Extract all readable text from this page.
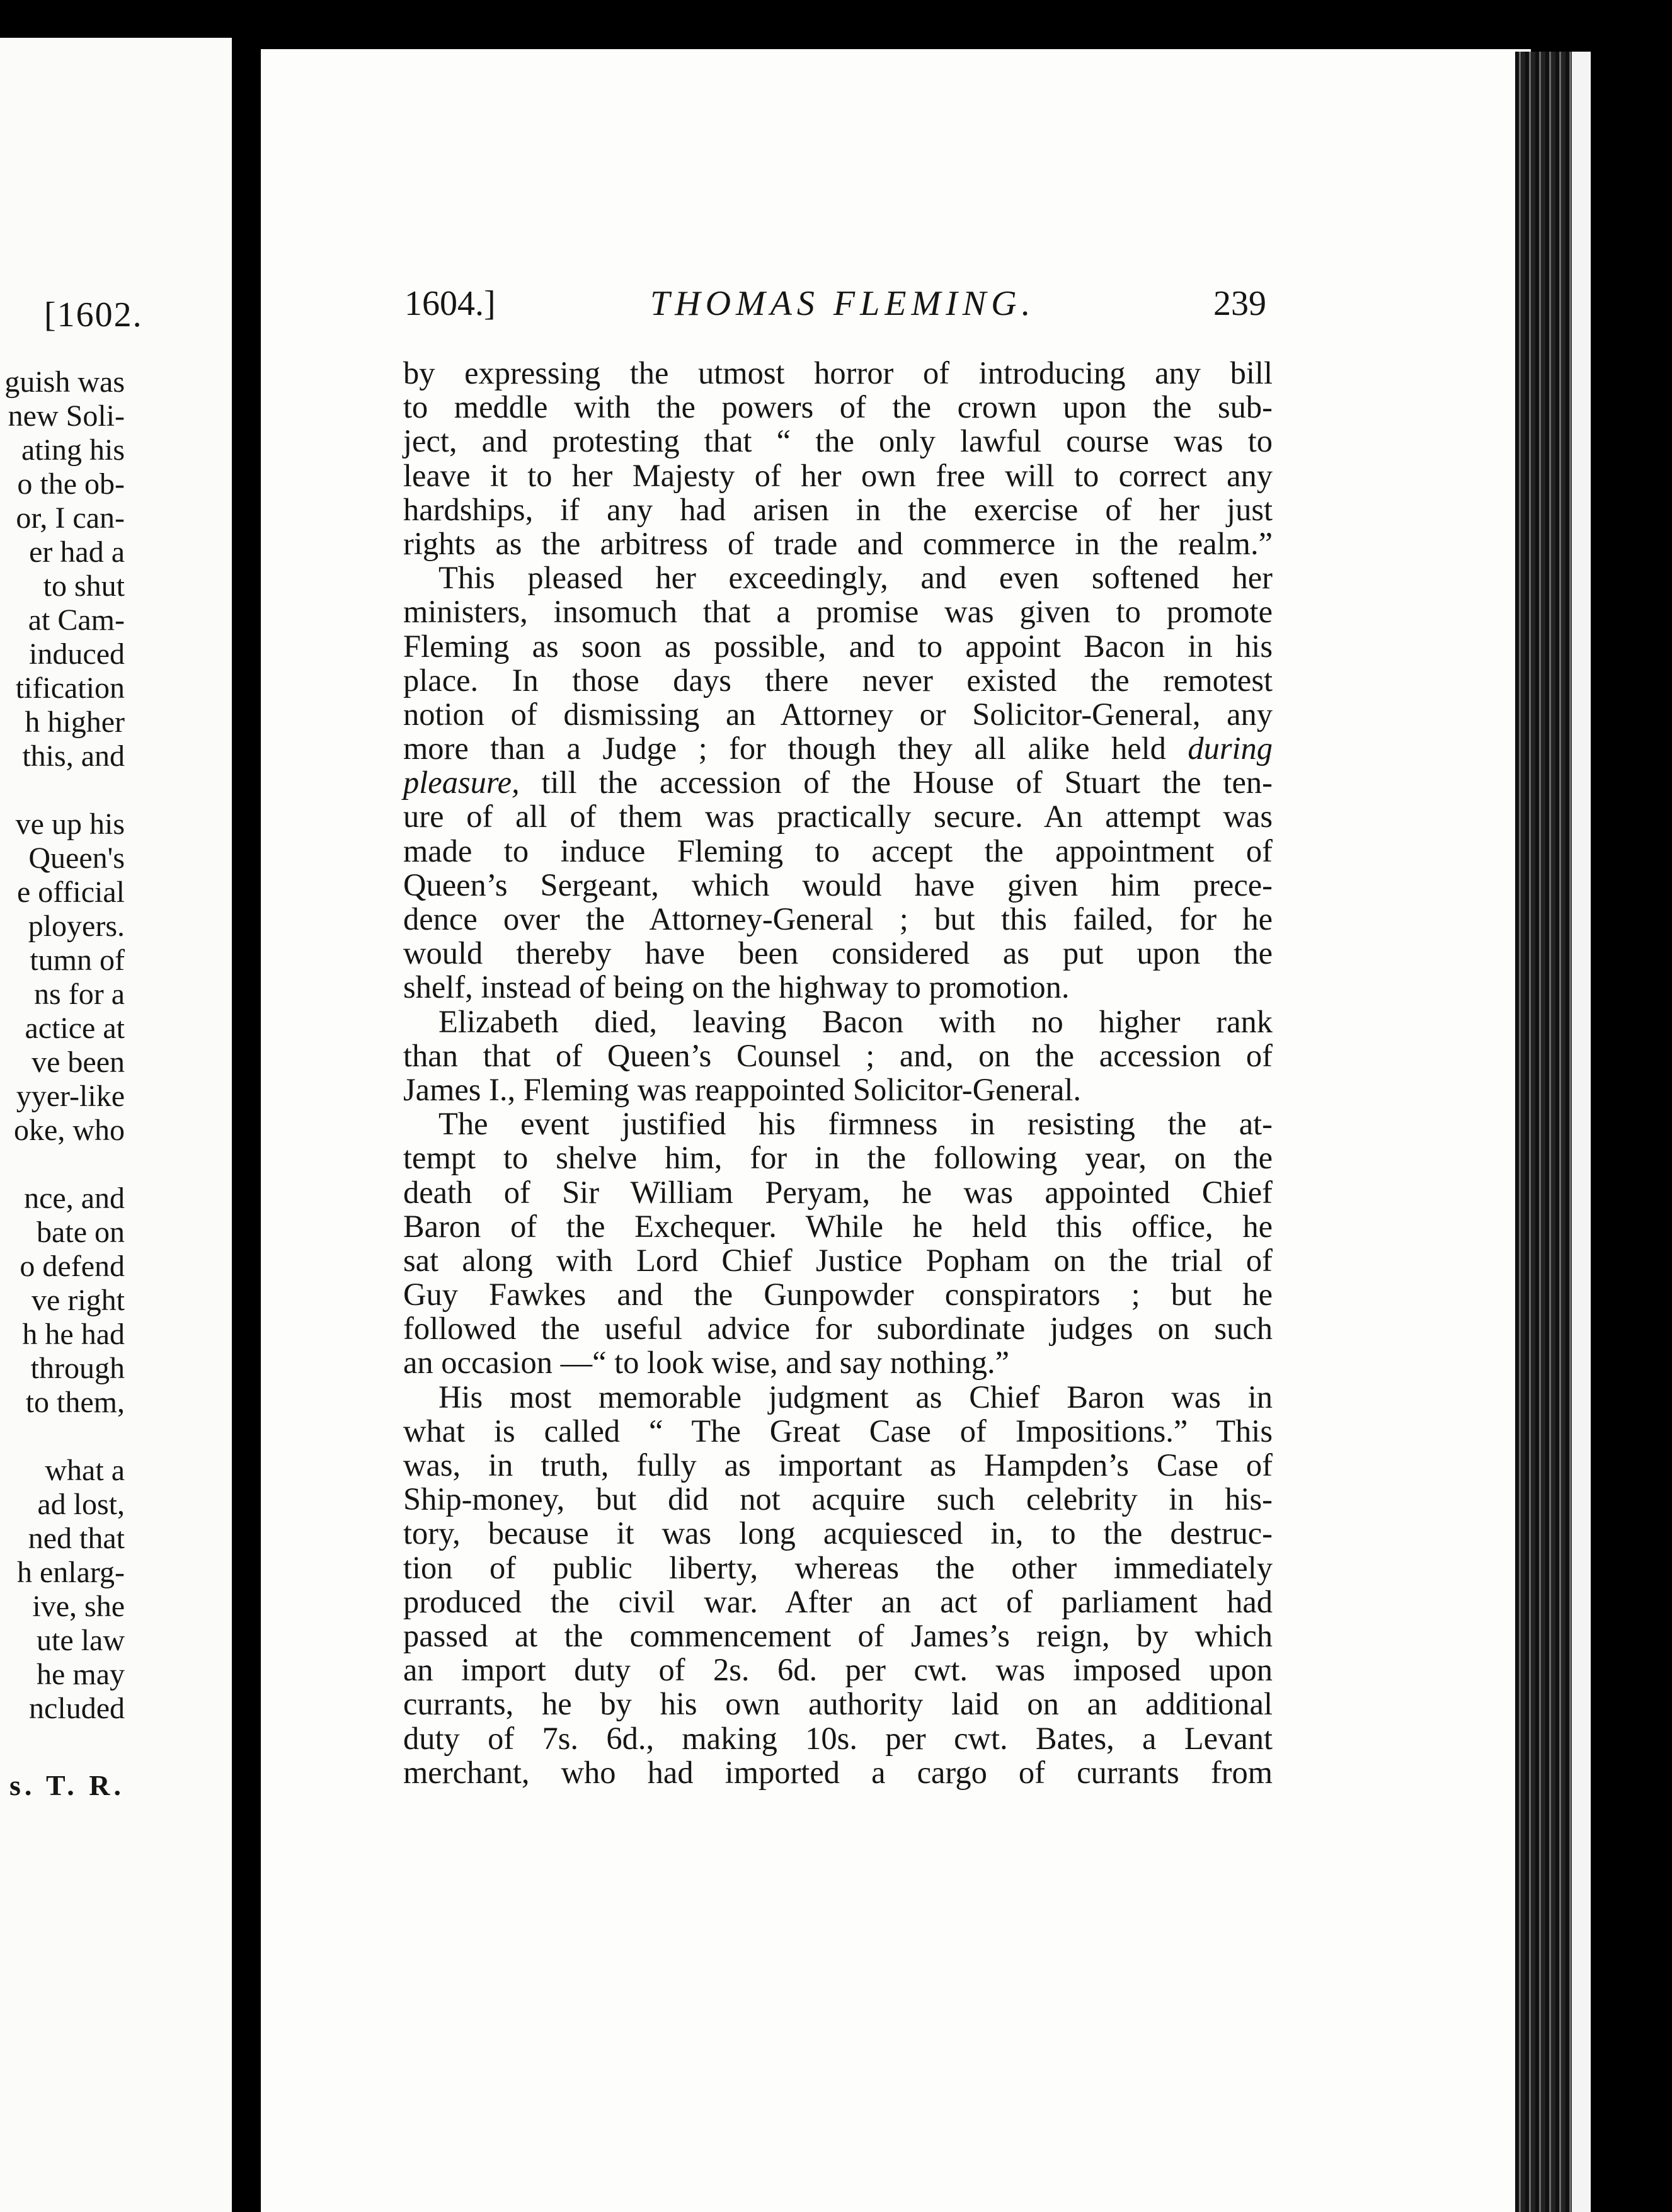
[1602.
guish was
new Soli-
ating his
o the ob-
or, I can-
er had a
to shut
at Cam-
induced
tification
h higher
this, and

ve up his
Queen's
e official
ployers.
tumn of
ns for a
actice at
ve been
yyer-like
oke, who

nce, and
bate on
o defend
ve right
h he had
through
to them,

what a
ad lost,
ned that
h enlarg-
ive, she
ute law
he may
ncluded
s. T. R.
1604.]	THOMAS FLEMING.	239
by expressing the utmost horror of introducing any bill
to meddle with the powers of the crown upon the sub-
ject, and protesting that “ the only lawful course was to
leave it to her Majesty of her own free will to correct any
hardships, if any had arisen in the exercise of her just
rights as the arbitress of trade and commerce in the realm.”
This pleased her exceedingly, and even softened her
ministers, insomuch that a promise was given to promote
Fleming as soon as possible, and to appoint Bacon in his
place. In those days there never existed the remotest
notion of dismissing an Attorney or Solicitor-General, any
more than a Judge ; for though they all alike held during
pleasure, till the accession of the House of Stuart the ten-
ure of all of them was practically secure. An attempt was
made to induce Fleming to accept the appointment of
Queen’s Sergeant, which would have given him prece-
dence over the Attorney-General ; but this failed, for he
would thereby have been considered as put upon the
shelf, instead of being on the highway to promotion.
Elizabeth died, leaving Bacon with no higher rank
than that of Queen’s Counsel ; and, on the accession of
James I., Fleming was reappointed Solicitor-General.
The event justified his firmness in resisting the at-
tempt to shelve him, for in the following year, on the
death of Sir William Peryam, he was appointed Chief
Baron of the Exchequer. While he held this office, he
sat along with Lord Chief Justice Popham on the trial of
Guy Fawkes and the Gunpowder conspirators ; but he
followed the useful advice for subordinate judges on such
an occasion —“ to look wise, and say nothing.”
His most memorable judgment as Chief Baron was in
what is called “ The Great Case of Impositions.” This
was, in truth, fully as important as Hampden’s Case of
Ship-money, but did not acquire such celebrity in his-
tory, because it was long acquiesced in, to the destruc-
tion of public liberty, whereas the other immediately
produced the civil war. After an act of parliament had
passed at the commencement of James’s reign, by which
an import duty of 2s. 6d. per cwt. was imposed upon
currants, he by his own authority laid on an additional
duty of 7s. 6d., making 10s. per cwt. Bates, a Levant
merchant, who had imported a cargo of currants from
